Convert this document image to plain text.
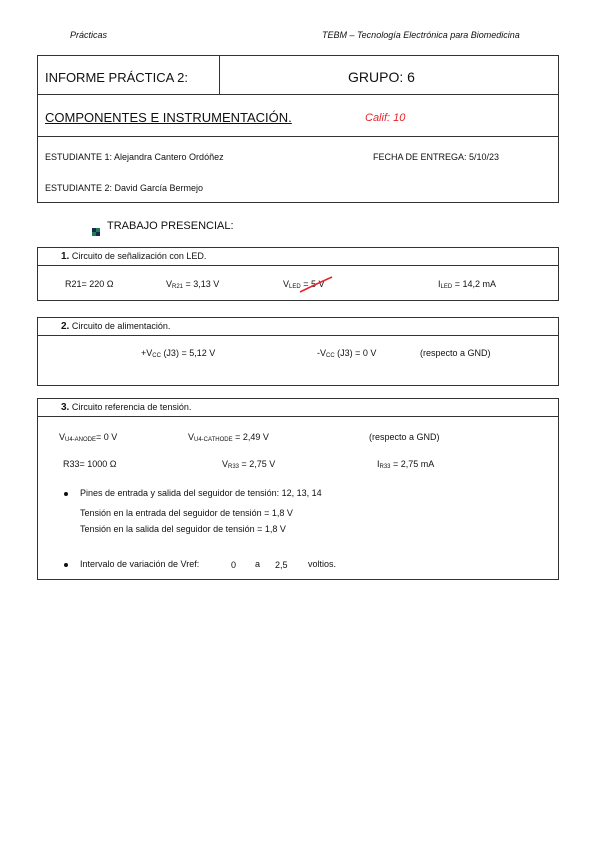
Prácticas	TEBM – Tecnología Electrónica para Biomedicina
INFORME PRÁCTICA 2:	GRUPO: 6
COMPONENTES E INSTRUMENTACIÓN.	Calif: 10
ESTUDIANTE 1: Alejandra Cantero Ordóñez	FECHA DE ENTREGA: 5/10/23
ESTUDIANTE 2: David García Bermejo
TRABAJO PRESENCIAL:
1. Circuito de señalización con LED.
R21= 220 Ω	$V_{R21} = 3,13$ V	$V_{LED} = 5$ V	$I_{LED} = 14,2$ mA
2. Circuito de alimentación.
$+V_{CC}$ (J3) = 5,12 V	$-V_{CC}$ (J3) = 0 V	(respecto a GND)
3. Circuito referencia de tensión.
$V_{U4-ANODE}= 0$ V	$V_{U4-CATHODE} = 2,49$ V	(respecto a GND)
R33= 1000 Ω	$V_{R33} = 2,75$ V	$I_{R33} = 2,75$ mA
Pines de entrada y salida del seguidor de tensión: 12, 13, 14
Tensión en la entrada del seguidor de tensión = 1,8 V
Tensión en la salida del seguidor de tensión = 1,8 V
Intervalo de variación de Vref:	0 a 2,5 voltios.
